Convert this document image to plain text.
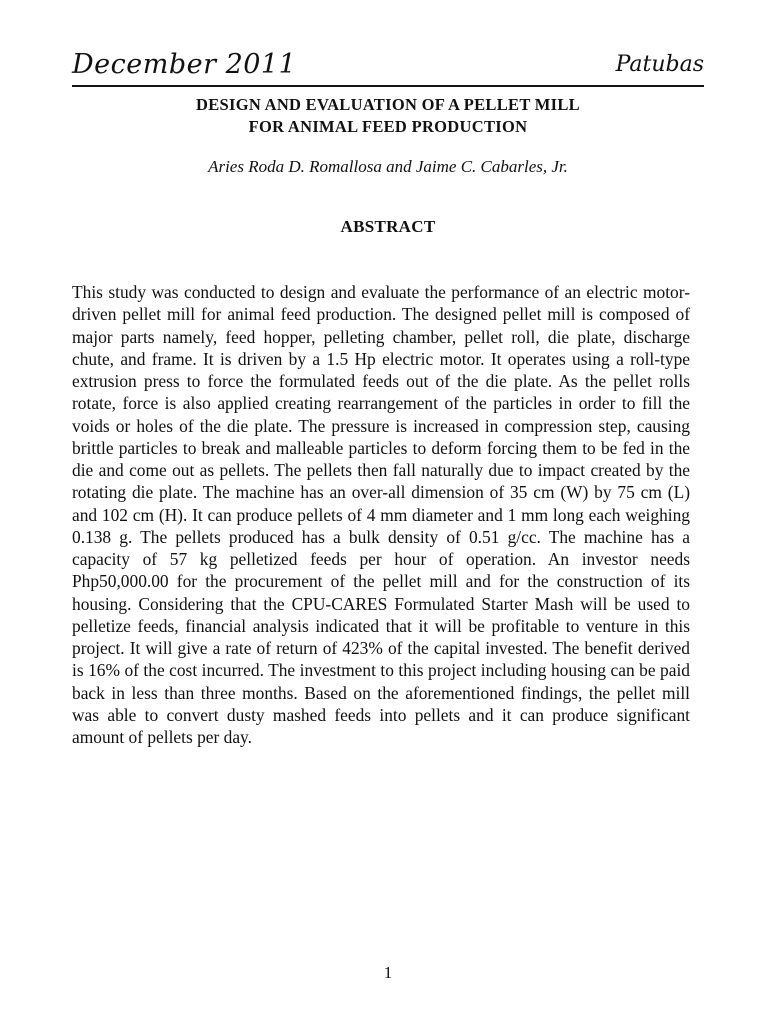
December 2011	Patubas
DESIGN AND EVALUATION OF A PELLET MILL
FOR ANIMAL FEED PRODUCTION
Aries Roda D. Romallosa and Jaime C. Cabarles, Jr.
ABSTRACT

This study was conducted to design and evaluate the performance of an electric motor-driven pellet mill for animal feed production. The designed pellet mill is composed of major parts namely, feed hopper, pelleting chamber, pellet roll, die plate, discharge chute, and frame. It is driven by a 1.5 Hp electric motor. It operates using a roll-type extrusion press to force the formulated feeds out of the die plate. As the pellet rolls rotate, force is also applied creating rearrangement of the particles in order to fill the voids or holes of the die plate. The pressure is increased in compression step, causing brittle particles to break and malleable particles to deform forcing them to be fed in the die and come out as pellets. The pellets then fall naturally due to impact created by the rotating die plate. The machine has an over-all dimension of 35 cm (W) by 75 cm (L) and 102 cm (H). It can produce pellets of 4 mm diameter and 1 mm long each weighing 0.138 g. The pellets produced has a bulk density of 0.51 g/cc. The machine has a capacity of 57 kg pelletized feeds per hour of operation. An investor needs Php50,000.00 for the procurement of the pellet mill and for the construction of its housing. Considering that the CPU-CARES Formulated Starter Mash will be used to pelletize feeds, financial analysis indicated that it will be profitable to venture in this project. It will give a rate of return of 423% of the capital invested. The benefit derived is 16% of the cost incurred. The investment to this project including housing can be paid back in less than three months. Based on the aforementioned findings, the pellet mill was able to convert dusty mashed feeds into pellets and it can produce significant amount of pellets per day.

1
